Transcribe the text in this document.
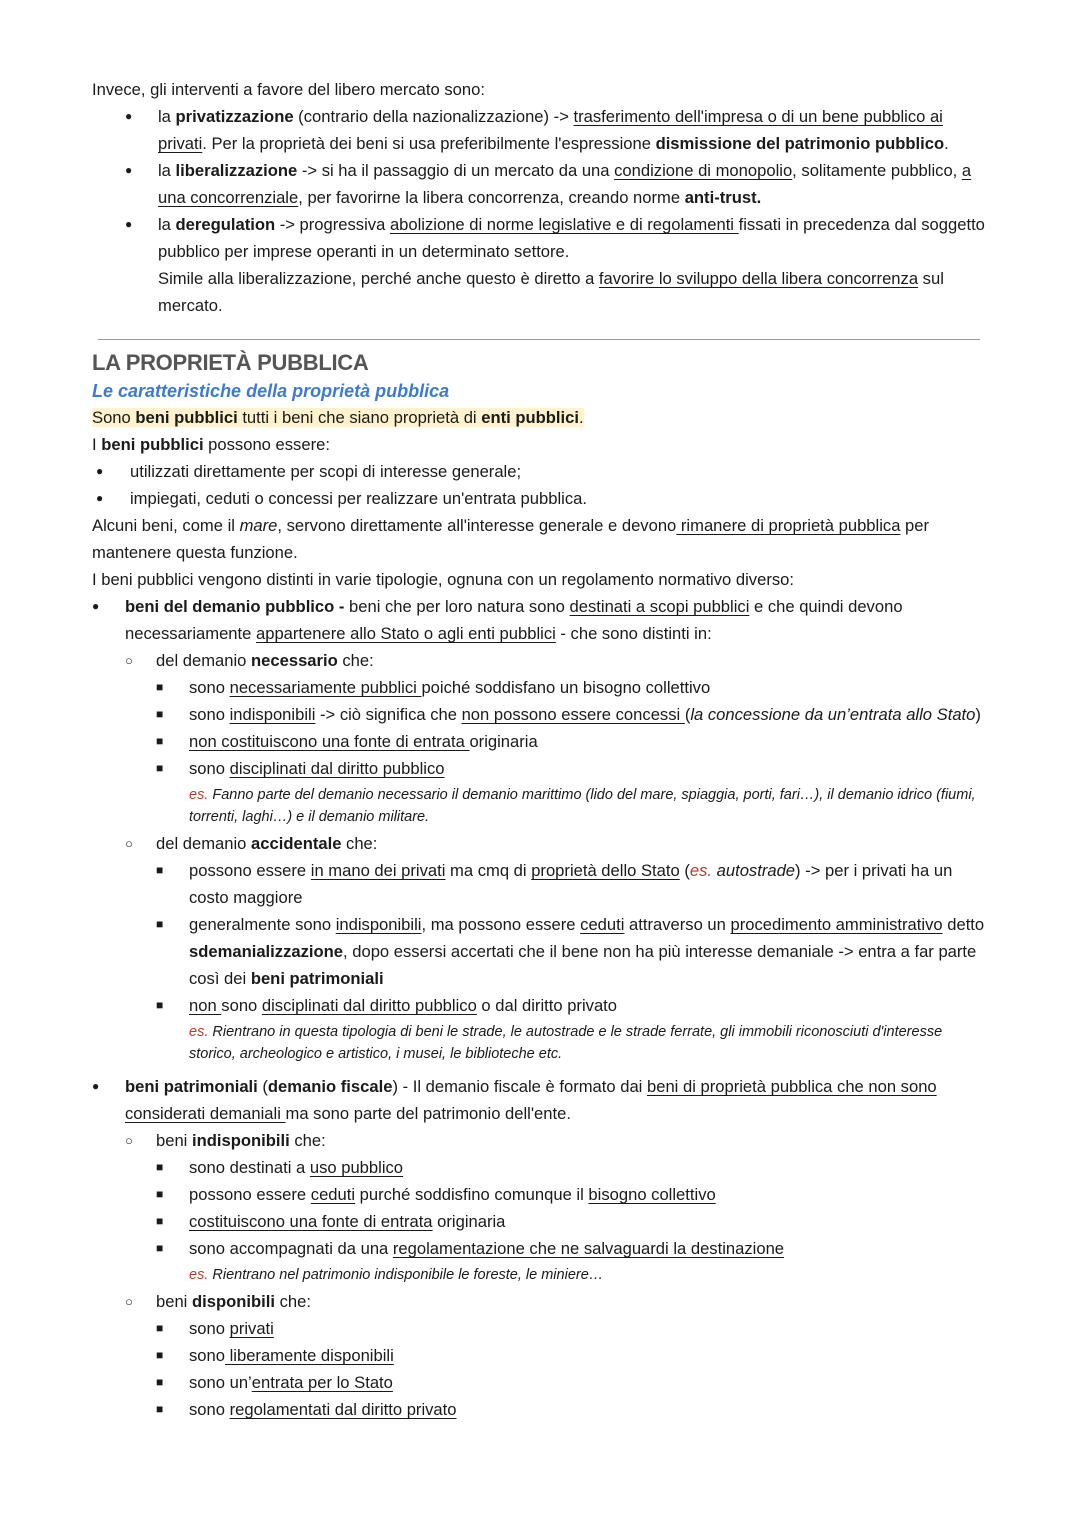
Invece, gli interventi a favore del libero mercato sono:

● la privatizzazione (contrario della nazionalizzazione) -> trasferimento dell'impresa o di un bene pubblico ai privati. Per la proprietà dei beni si usa preferibilmente l'espressione dismissione del patrimonio pubblico.
● la liberalizzazione -> si ha il passaggio di un mercato da una condizione di monopolio, solitamente pubblico, a una concorrenziale, per favorirne la libera concorrenza, creando norme anti-trust.
● la deregulation -> progressiva abolizione di norme legislative e di regolamenti fissati in precedenza dal soggetto pubblico per imprese operanti in un determinato settore.
Simile alla liberalizzazione, perché anche questo è diretto a favorire lo sviluppo della libera concorrenza sul mercato.

LA PROPRIETÀ PUBBLICA

Le caratteristiche della proprietà pubblica

Sono beni pubblici tutti i beni che siano proprietà di enti pubblici.

I beni pubblici possono essere:

● utilizzati direttamente per scopi di interesse generale;
● impiegati, ceduti o concessi per realizzare un'entrata pubblica.

Alcuni beni, come il mare, servono direttamente all'interesse generale e devono rimanere di proprietà pubblica per mantenere questa funzione.

I beni pubblici vengono distinti in varie tipologie, ognuna con un regolamento normativo diverso:

● beni del demanio pubblico - beni che per loro natura sono destinati a scopi pubblici e che quindi devono necessariamente appartenere allo Stato o agli enti pubblici - che sono distinti in:
○ del demanio necessario che:
■ sono necessariamente pubblici poiché soddisfano un bisogno collettivo
■ sono indisponibili -> ciò significa che non possono essere concessi (la concessione da un’entrata allo Stato)
■ non costituiscono una fonte di entrata originaria
■ sono disciplinati dal diritto pubblico

es. Fanno parte del demanio necessario il demanio marittimo (lido del mare, spiaggia, porti, fari…), il demanio idrico (fiumi, torrenti, laghi…) e il demanio militare.

○ del demanio accidentale che:
■ possono essere in mano dei privati ma cmq di proprietà dello Stato (es. autostrade) -> per i privati ha un costo maggiore
■ generalmente sono indisponibili, ma possono essere ceduti attraverso un procedimento amministrativo detto sdemanializzazione, dopo essersi accertati che il bene non ha più interesse demaniale -> entra a far parte così dei beni patrimoniali
■ non sono disciplinati dal diritto pubblico o dal diritto privato

es. Rientrano in questa tipologia di beni le strade, le autostrade e le strade ferrate, gli immobili riconosciuti d'interesse storico, archeologico e artistico, i musei, le biblioteche etc.

● beni patrimoniali (demanio fiscale) - Il demanio fiscale è formato dai beni di proprietà pubblica che non sono considerati demaniali ma sono parte del patrimonio dell'ente.
○ beni indisponibili che:
■ sono destinati a uso pubblico
■ possono essere ceduti purché soddisfino comunque il bisogno collettivo
■ costituiscono una fonte di entrata originaria
■ sono accompagnati da una regolamentazione che ne salvaguardi la destinazione

es. Rientrano nel patrimonio indisponibile le foreste, le miniere…

○ beni disponibili che:
■ sono privati
■ sono liberamente disponibili
■ sono un’entrata per lo Stato
■ sono regolamentati dal diritto privato
